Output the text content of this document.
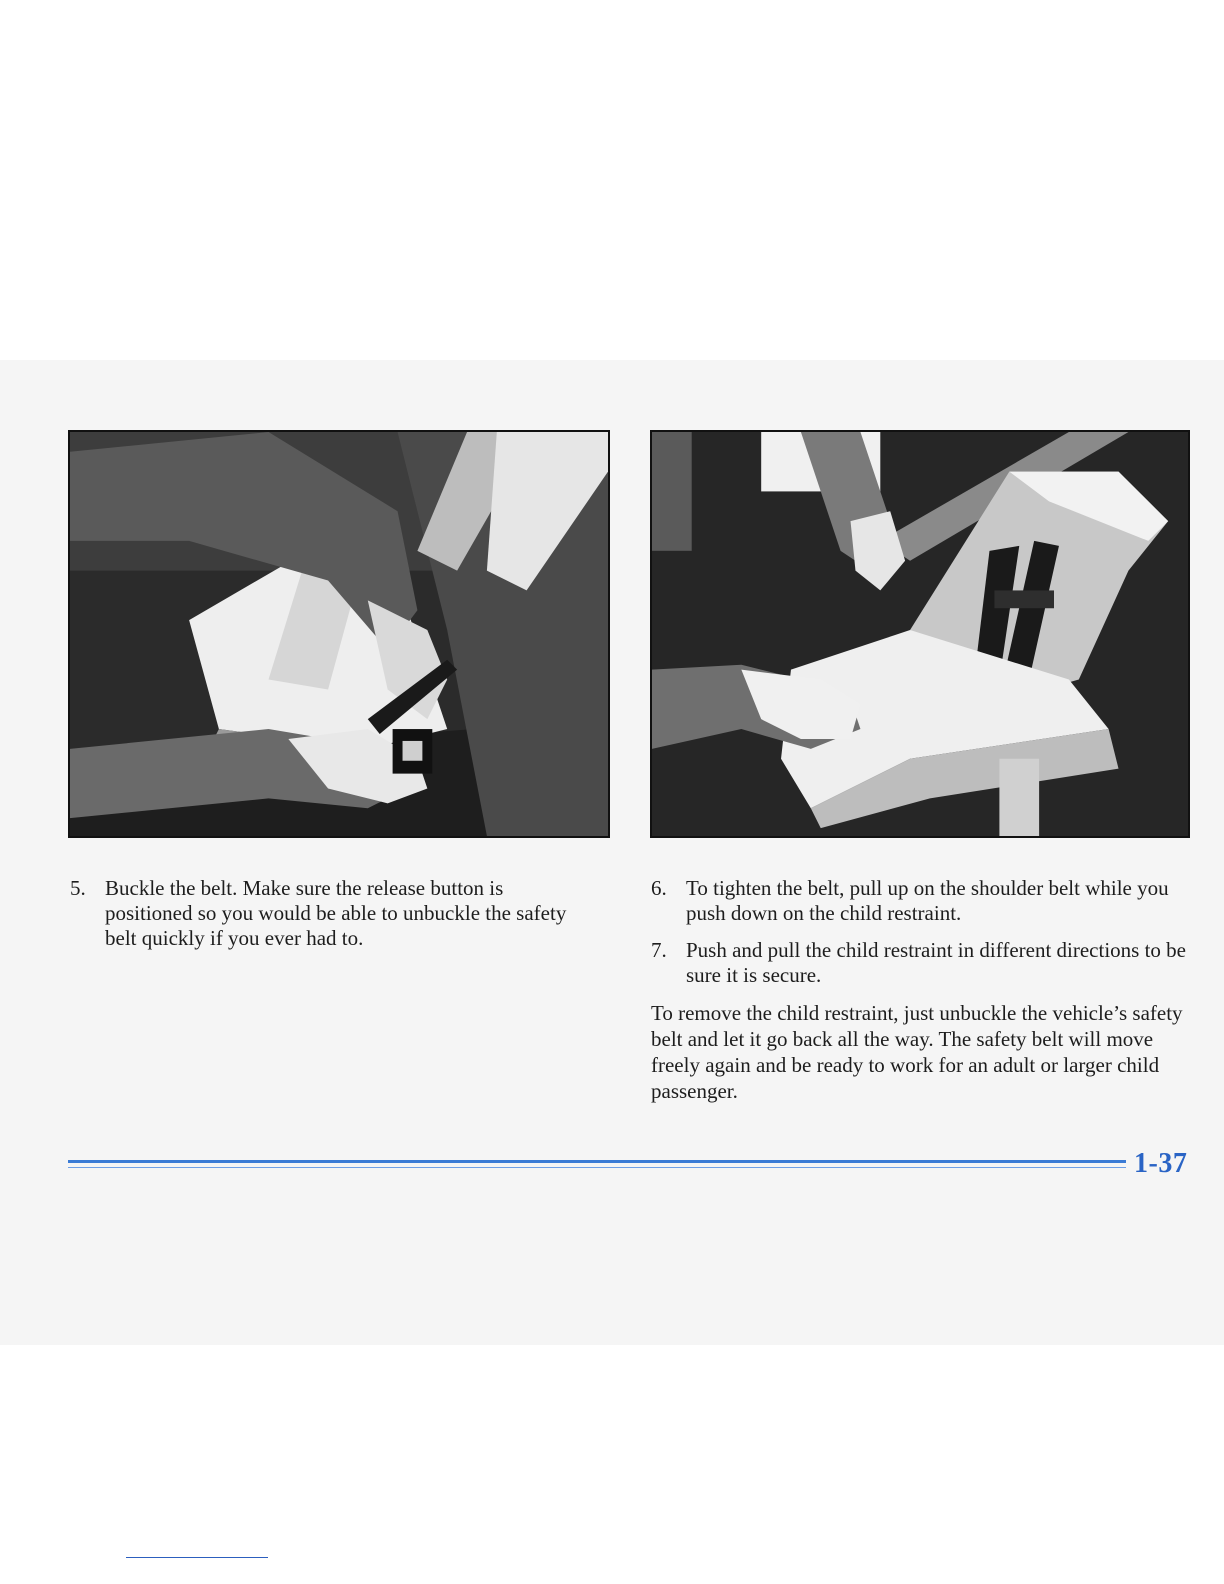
5. Buckle the belt. Make sure the release button is positioned so you would be able to unbuckle the safety belt quickly if you ever had to.

6. To tighten the belt, pull up on the shoulder belt while you push down on the child restraint.

7. Push and pull the child restraint in different directions to be sure it is secure.

To remove the child restraint, just unbuckle the vehicle’s safety belt and let it go back all the way. The safety belt will move freely again and be ready to work for an adult or larger child passenger.

1-37
